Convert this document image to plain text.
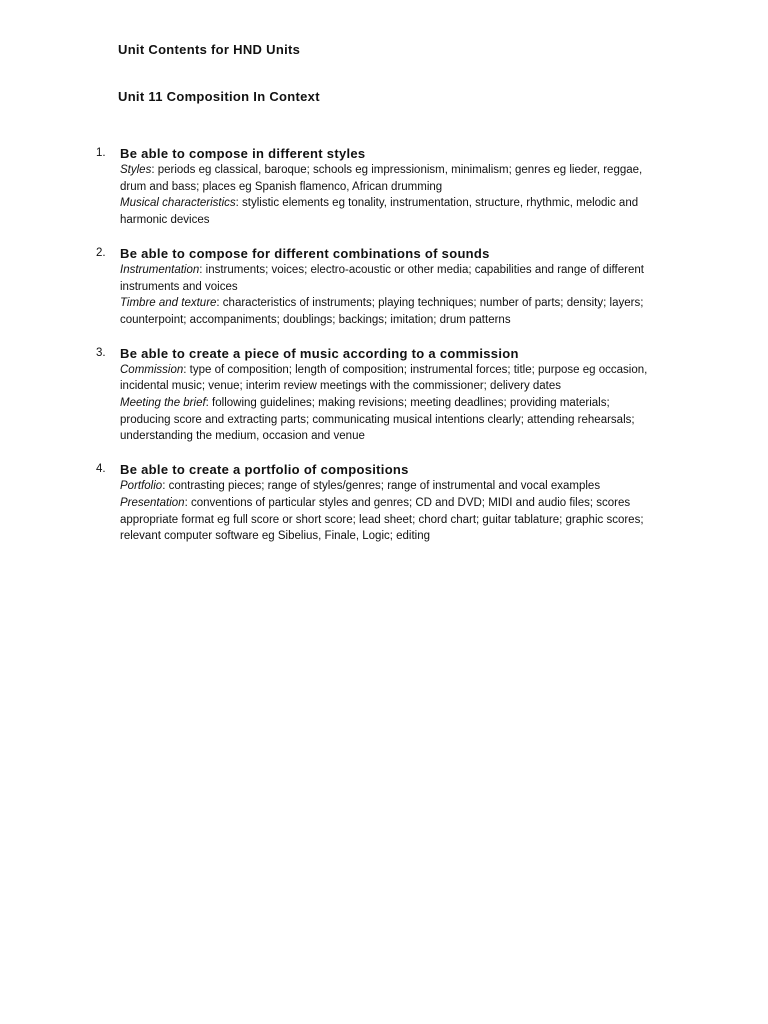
Unit Contents for HND Units
Unit 11 Composition In Context
1. Be able to compose in different styles
Styles: periods eg classical, baroque; schools eg impressionism, minimalism; genres eg lieder, reggae, drum and bass; places eg Spanish flamenco, African drumming
Musical characteristics: stylistic elements eg tonality, instrumentation, structure, rhythmic, melodic and harmonic devices
2. Be able to compose for different combinations of sounds
Instrumentation: instruments; voices; electro-acoustic or other media; capabilities and range of different instruments and voices
Timbre and texture: characteristics of instruments; playing techniques; number of parts; density; layers; counterpoint; accompaniments; doublings; backings; imitation; drum patterns
3. Be able to create a piece of music according to a commission
Commission: type of composition; length of composition; instrumental forces; title; purpose eg occasion, incidental music; venue; interim review meetings with the commissioner; delivery dates
Meeting the brief: following guidelines; making revisions; meeting deadlines; providing materials; producing score and extracting parts; communicating musical intentions clearly; attending rehearsals; understanding the medium, occasion and venue
4. Be able to create a portfolio of compositions
Portfolio: contrasting pieces; range of styles/genres; range of instrumental and vocal examples
Presentation: conventions of particular styles and genres; CD and DVD; MIDI and audio files; scores appropriate format eg full score or short score; lead sheet; chord chart; guitar tablature; graphic scores; relevant computer software eg Sibelius, Finale, Logic; editing
